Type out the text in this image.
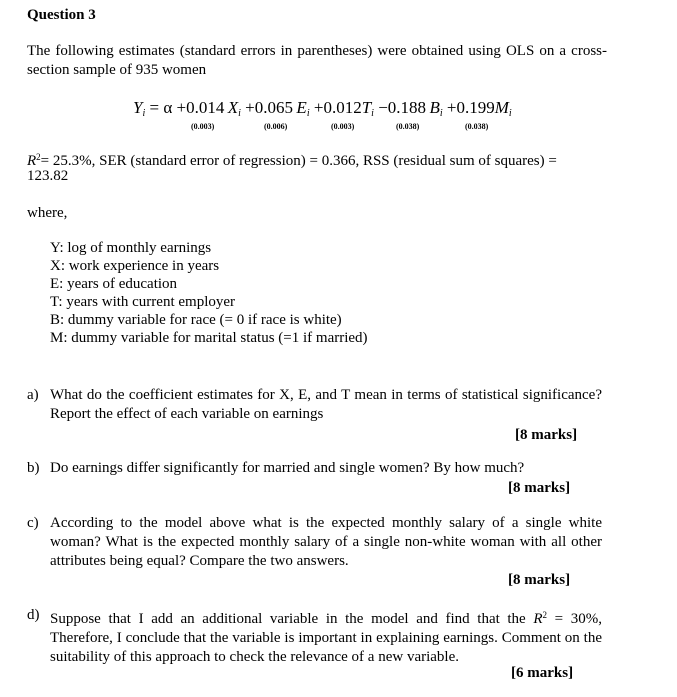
Question 3
The following estimates (standard errors in parentheses) were obtained using OLS on a cross-section sample of 935 women
$Y_i = \alpha +0.014$  $X_i +0.065$  $E_i +0.012T_i -0.188$  $B_i +0.199M_i$
(0.003)	(0.006)	(0.003)	(0.038)	(0.038)
$R^2= 25.3\%$, SER (standard error of regression) = 0.366, RSS (residual sum of squares) =
123.82
where,
Y: log of monthly earnings
X: work experience in years
E: years of education
T: years with current employer
B: dummy variable for race (= 0 if race is white)
M: dummy variable for marital status (=1 if married)
a) What do the coefficient estimates for X, E, and T mean in terms of statistical significance? Report the effect of each variable on earnings
[8 marks]
b) Do earnings differ significantly for married and single women? By how much?
[8 marks]
c) According to the model above what is the expected monthly salary of a single white woman? What is the expected monthly salary of a single non-white woman with all other attributes being equal? Compare the two answers.
[8 marks]
d) Suppose that I add an additional variable in the model and find that the $R^2 = 30\%$, Therefore, I conclude that the variable is important in explaining earnings. Comment on the suitability of this approach to check the relevance of a new variable.
[6 marks]
